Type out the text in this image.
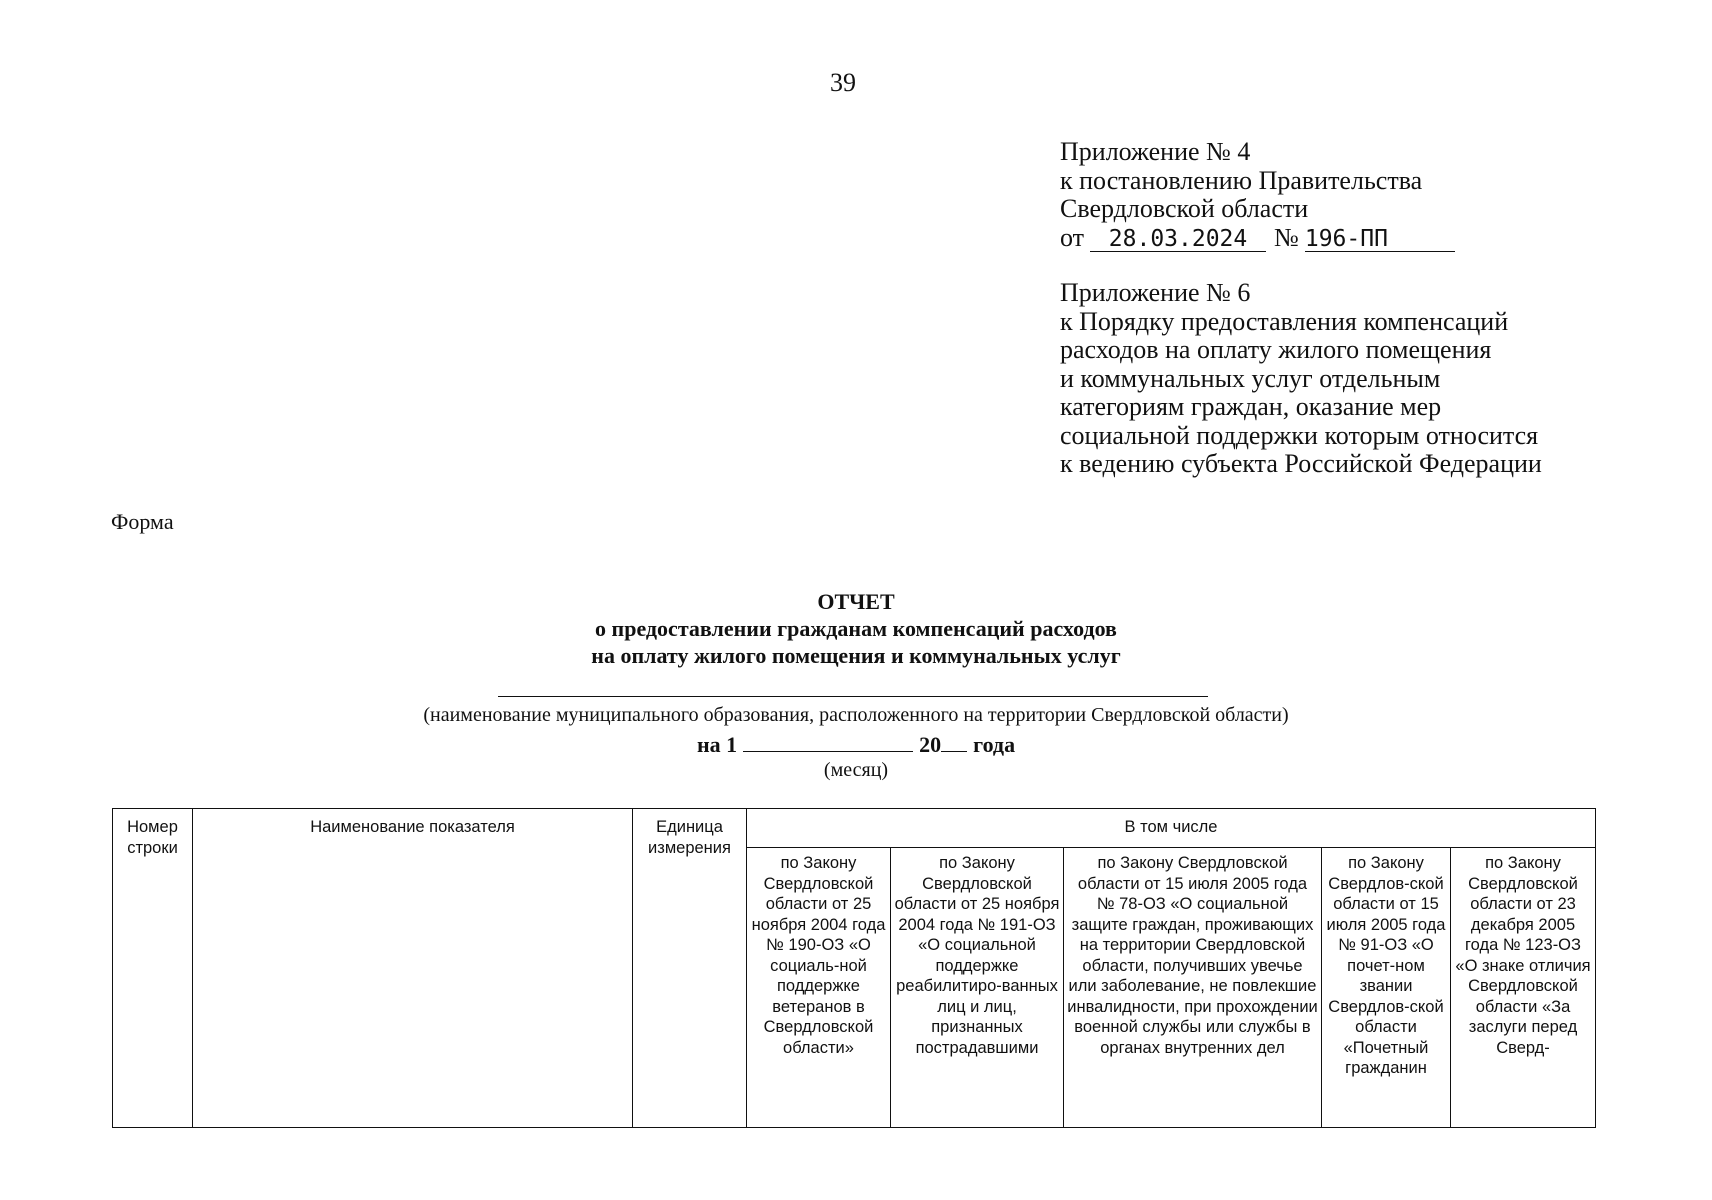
39
Приложение № 4
к постановлению Правительства
Свердловской области
от 28.03.2024 № 196-ПП
Приложение № 6
к Порядку предоставления компенсаций
расходов на оплату жилого помещения
и коммунальных услуг отдельным
категориям граждан, оказание мер
социальной поддержки которым относится
к ведению субъекта Российской Федерации
Форма
ОТЧЕТ
о предоставлении гражданам компенсаций расходов
на оплату жилого помещения и коммунальных услуг
(наименование муниципального образования, расположенного на территории Свердловской области)
на 1	20 года
(месяц)
Номер строки	Наименование показателя	Единица измерения	В том числе				
			по Закону Свердловской области от 25 ноября 2004 года № 190-ОЗ «О социаль-ной поддержке ветеранов в Свердловской области»	по Закону Свердловской области от 25 ноября 2004 года № 191-ОЗ «О социальной поддержке реабилитиро-ванных лиц и лиц, признанных пострадавшими	по Закону Свердловской области от 15 июля 2005 года № 78-ОЗ «О социальной защите граждан, проживающих на территории Свердловской области, получивших увечье или заболевание, не повлекшие инвалидности, при прохождении военной службы или службы в органах внутренних дел	по Закону Свердлов-ской области от 15 июля 2005 года № 91-ОЗ «О почет-ном звании Свердлов-ской области «Почетный гражданин	по Закону Свердловской области от 23 декабря 2005 года № 123-ОЗ «О знаке отличия Свердловской области «За заслуги перед Сверд-
